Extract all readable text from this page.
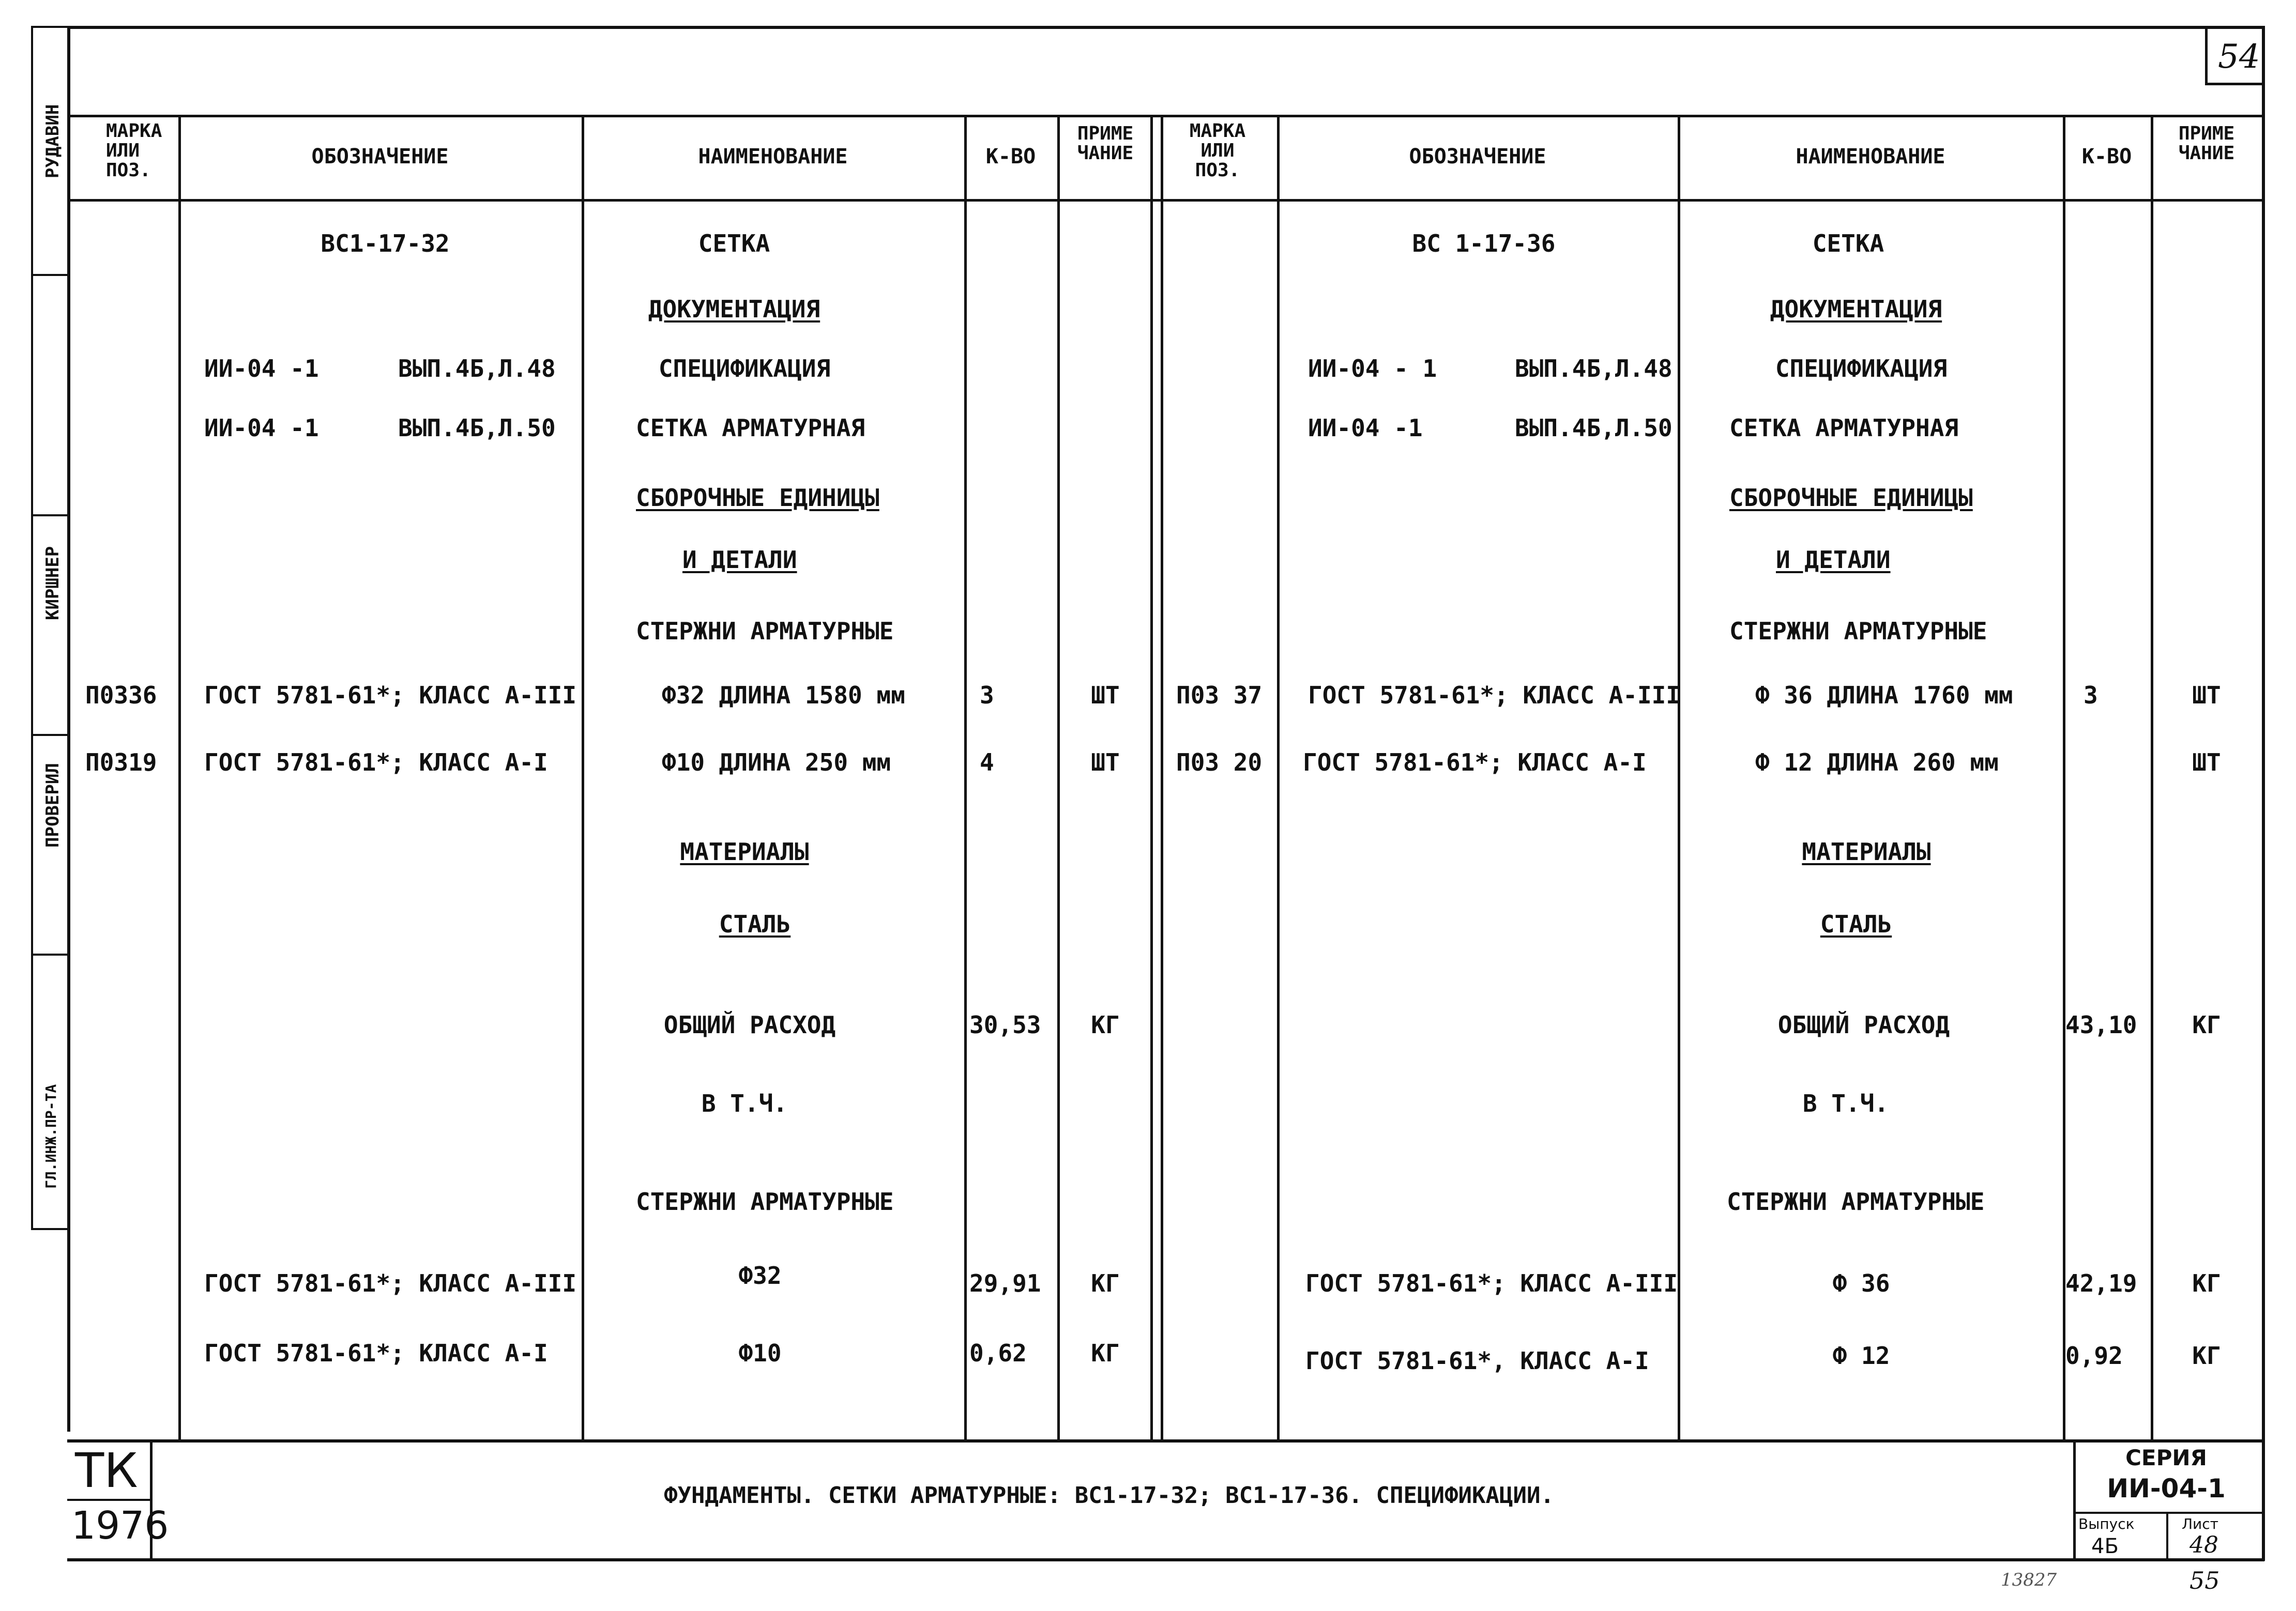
54
РУДАВИН
КИРШНЕР
ПРОВЕРИЛ
ГЛ.ИНЖ.ПР-ТА
МАРКА ИЛИ ПОЗ.
ОБОЗНАЧЕНИЕ	НАИМЕНОВАНИЕ	К-ВО
ПРИМЕ ЧАНИЕ
МАРКА ИЛИ ПОЗ.
ОБОЗНАЧЕНИЕ	НАИМЕНОВАНИЕ	К-ВО
ПРИМЕ ЧАНИЕ
ВС1-17-32	СЕТКА
ДОКУМЕНТАЦИЯ
ИИ-04 -1	ВЫП.4Б,Л.48	СПЕЦИФИКАЦИЯ
ИИ-04 -1	ВЫП.4Б,Л.50	СЕТКА АРМАТУРНАЯ
СБОРОЧНЫЕ ЕДИНИЦЫ
И ДЕТАЛИ
СТЕРЖНИ АРМАТУРНЫЕ
П0336 ГОСТ 5781-61*; КЛАСС А-III	Ф32 ДЛИНА 1580 мм	3	ШТ
П0319 ГОСТ 5781-61*; КЛАСС А-I	Ф10 ДЛИНА 250 мм	4	ШТ
МАТЕРИАЛЫ
СТАЛЬ
ОБЩИЙ РАСХОД	30,53 КГ
В Т.Ч.
СТЕРЖНИ АРМАТУРНЫЕ
ГОСТ 5781-61*; КЛАСС А-III	Ф32	29,91 КГ
ГОСТ 5781-61*; КЛАСС А-I	Ф10	0,62	КГ
ВС 1-17-36	СЕТКА
ДОКУМЕНТАЦИЯ
ИИ-04 - 1	ВЫП.4Б,Л.48	СПЕЦИФИКАЦИЯ
ИИ-04 -1	ВЫП.4Б,Л.50 СЕТКА АРМАТУРНАЯ
СБОРОЧНЫЕ ЕДИНИЦЫ
И ДЕТАЛИ
СТЕРЖНИ АРМАТУРНЫЕ
П03 37 ГОСТ 5781-61*; КЛАСС А-III	Ф 36 ДЛИНА 1760 мм	3	ШТ
П03 20 ГОСТ 5781-61*; КЛАСС А-I	Ф 12 ДЛИНА 260 мм	ШТ
МАТЕРИАЛЫ
СТАЛЬ
ОБЩИЙ РАСХОД	43,10 КГ
В Т.Ч.
СТЕРЖНИ АРМАТУРНЫЕ
ГОСТ 5781-61*; КЛАСС А-III	Ф 36	42,19 КГ
ГОСТ 5781-61*, КЛАСС А-I	Ф 12	0,92	КГ
ТК
1976
ФУНДАМЕНТЫ. СЕТКИ АРМАТУРНЫЕ: ВС1-17-32; ВС1-17-36. СПЕЦИФИКАЦИИ.
СЕРИЯ
ИИ-04-1
Выпуск
4Б
Лист
48
13827	55
